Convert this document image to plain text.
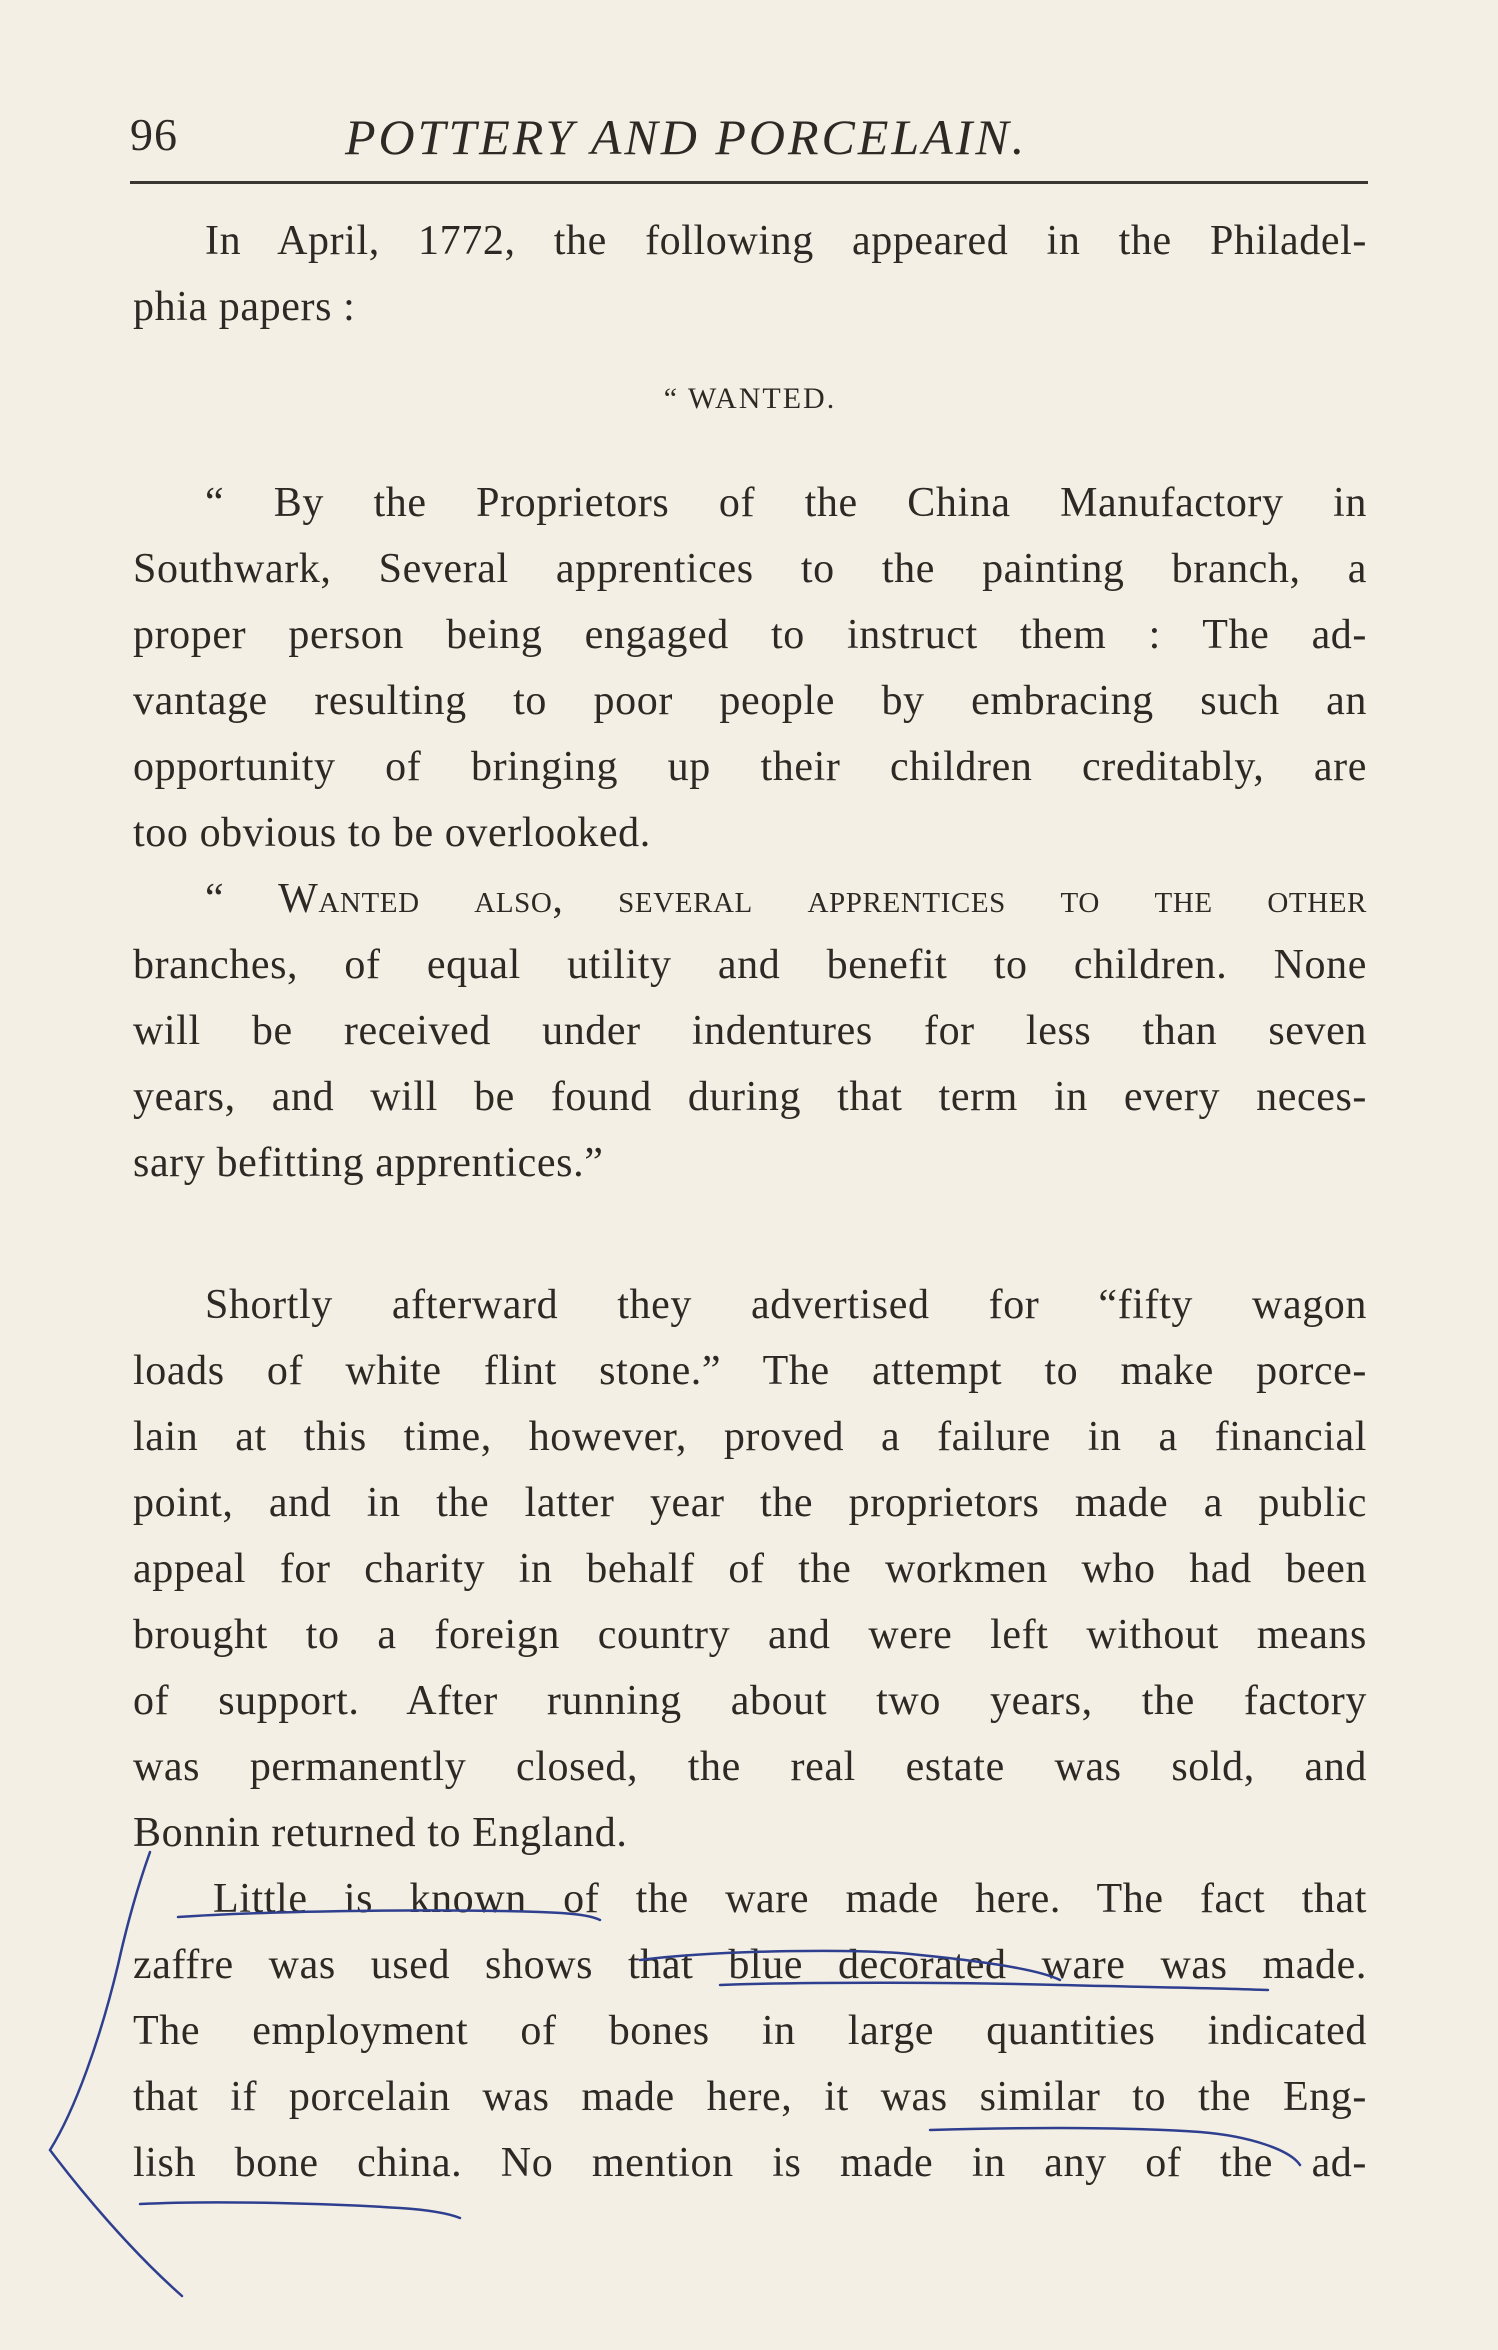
96	POTTERY AND PORCELAIN.
In April, 1772, the following appeared in the Philadel-
phia papers :
“ WANTED.
“ By the Proprietors of the China Manufactory in
Southwark, Several apprentices to the painting branch, a
proper person being engaged to instruct them : The ad-
vantage resulting to poor people by embracing such an
opportunity of bringing up their children creditably, are
too obvious to be overlooked.
“ Wanted also, several apprentices to the other
branches, of equal utility and benefit to children. None
will be received under indentures for less than seven
years, and will be found during that term in every neces-
sary befitting apprentices.”
Shortly afterward they advertised for “fifty wagon
loads of white flint stone.” The attempt to make porce-
lain at this time, however, proved a failure in a financial
point, and in the latter year the proprietors made a public
appeal for charity in behalf of the workmen who had been
brought to a foreign country and were left without means
of support. After running about two years, the factory
was permanently closed, the real estate was sold, and
Bonnin returned to England.
Little is known of the ware made here. The fact that
zaffre was used shows that blue decorated ware was made.
The employment of bones in large quantities indicated
that if porcelain was made here, it was similar to the Eng-
lish bone china. No mention is made in any of the ad-
